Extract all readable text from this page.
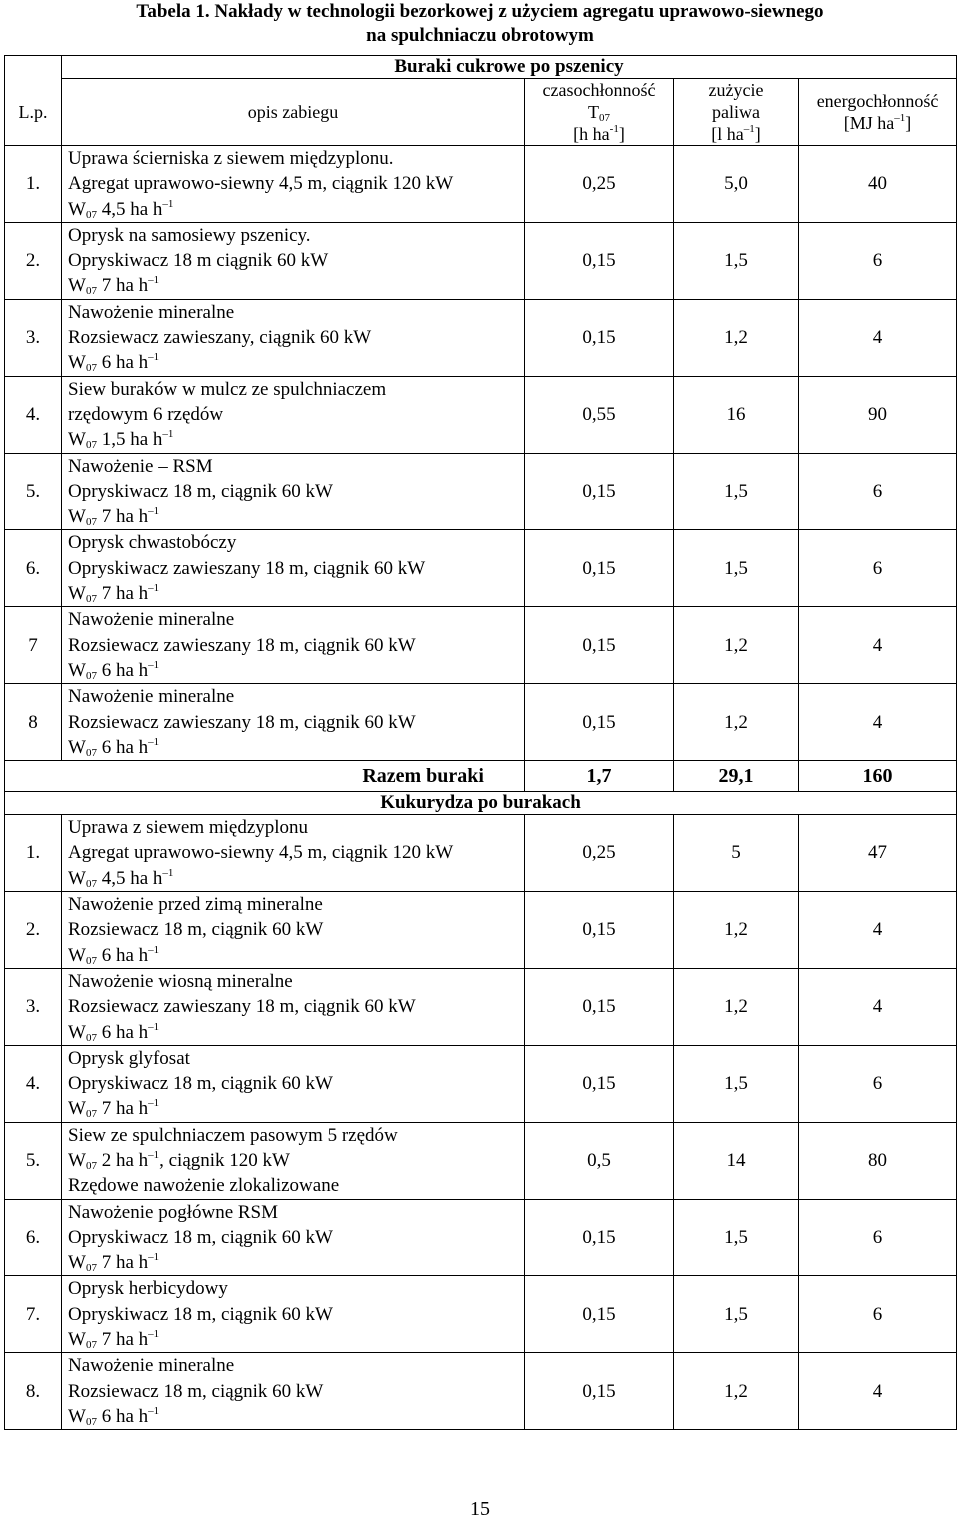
Tabela 1. Nakłady w technologii bezorkowej z użyciem agregatu uprawowo-siewnego
na spulchniaczu obrotowym
	Buraki cukrowe po pszenicy			
L.p.	opis zabiegu	czasochłonność
$T_{07}$
[h $ha^{-1}$]	zużycie
paliwa
[l $ha^{-1}$]	energochłonność
[MJ $ha^{-1}$]

1.	Uprawa ścierniska z siewem międzyplonu.
Agregat uprawowo-siewny 4,5 m, ciągnik 120 kW
$W_{07}$ 4,5 ha $h^{-1}$	0,25	5,0	40
2.	Oprysk na samosiewy pszenicy.
Opryskiwacz 18 m ciągnik 60 kW
$W_{07}$ 7 ha $h^{-1}$	0,15	1,5	6
3.	Nawożenie mineralne
Rozsiewacz zawieszany, ciągnik 60 kW
$W_{07}$ 6 ha $h^{-1}$	0,15	1,2	4
4.	Siew buraków w mulcz ze spulchniaczem
rzędowym 6 rzędów
$W_{07}$ 1,5 ha $h^{-1}$	0,55	16	90
5.	Nawożenie – RSM
Opryskiwacz 18 m, ciągnik 60 kW
$W_{07}$ 7 ha $h^{-1}$	0,15	1,5	6
6.	Oprysk chwastobóczy
Opryskiwacz zawieszany 18 m, ciągnik 60 kW
$W_{07}$ 7 ha $h^{-1}$	0,15	1,5	6
7	Nawożenie mineralne
Rozsiewacz zawieszany 18 m, ciągnik 60 kW
$W_{07}$ 6 ha $h^{-1}$	0,15	1,2	4
8	Nawożenie mineralne
Rozsiewacz zawieszany 18 m, ciągnik 60 kW
$W_{07}$ 6 ha $h^{-1}$	0,15	1,2	4
Razem buraki		1,7	29,1	160
Kukurydza po burakach				
1.	Uprawa z siewem międzyplonu
Agregat uprawowo-siewny 4,5 m, ciągnik 120 kW
$W_{07}$ 4,5 ha $h^{-1}$	0,25	5	47
2.	Nawożenie przed zimą mineralne
Rozsiewacz 18 m, ciągnik 60 kW
$W_{07}$ 6 ha $h^{-1}$	0,15	1,2	4
3.	Nawożenie wiosną mineralne
Rozsiewacz zawieszany 18 m, ciągnik 60 kW
$W_{07}$ 6 ha $h^{-1}$	0,15	1,2	4
4.	Oprysk glyfosat
Opryskiwacz 18 m, ciągnik 60 kW
$W_{07}$ 7 ha $h^{-1}$	0,15	1,5	6
5.	Siew ze spulchniaczem pasowym 5 rzędów
$W_{07}$ 2 ha $h^{-1}$, ciągnik 120 kW
Rzędowe nawożenie zlokalizowane	0,5	14	80
6.	Nawożenie pogłówne RSM
Opryskiwacz 18 m, ciągnik 60 kW
$W_{07}$ 7 ha $h^{-1}$	0,15	1,5	6
7.	Oprysk herbicydowy
Opryskiwacz 18 m, ciągnik 60 kW
$W_{07}$ 7 ha $h^{-1}$	0,15	1,5	6
8.	Nawożenie mineralne
Rozsiewacz 18 m, ciągnik 60 kW
$W_{07}$ 6 ha $h^{-1}$	0,15	1,2	4
15
